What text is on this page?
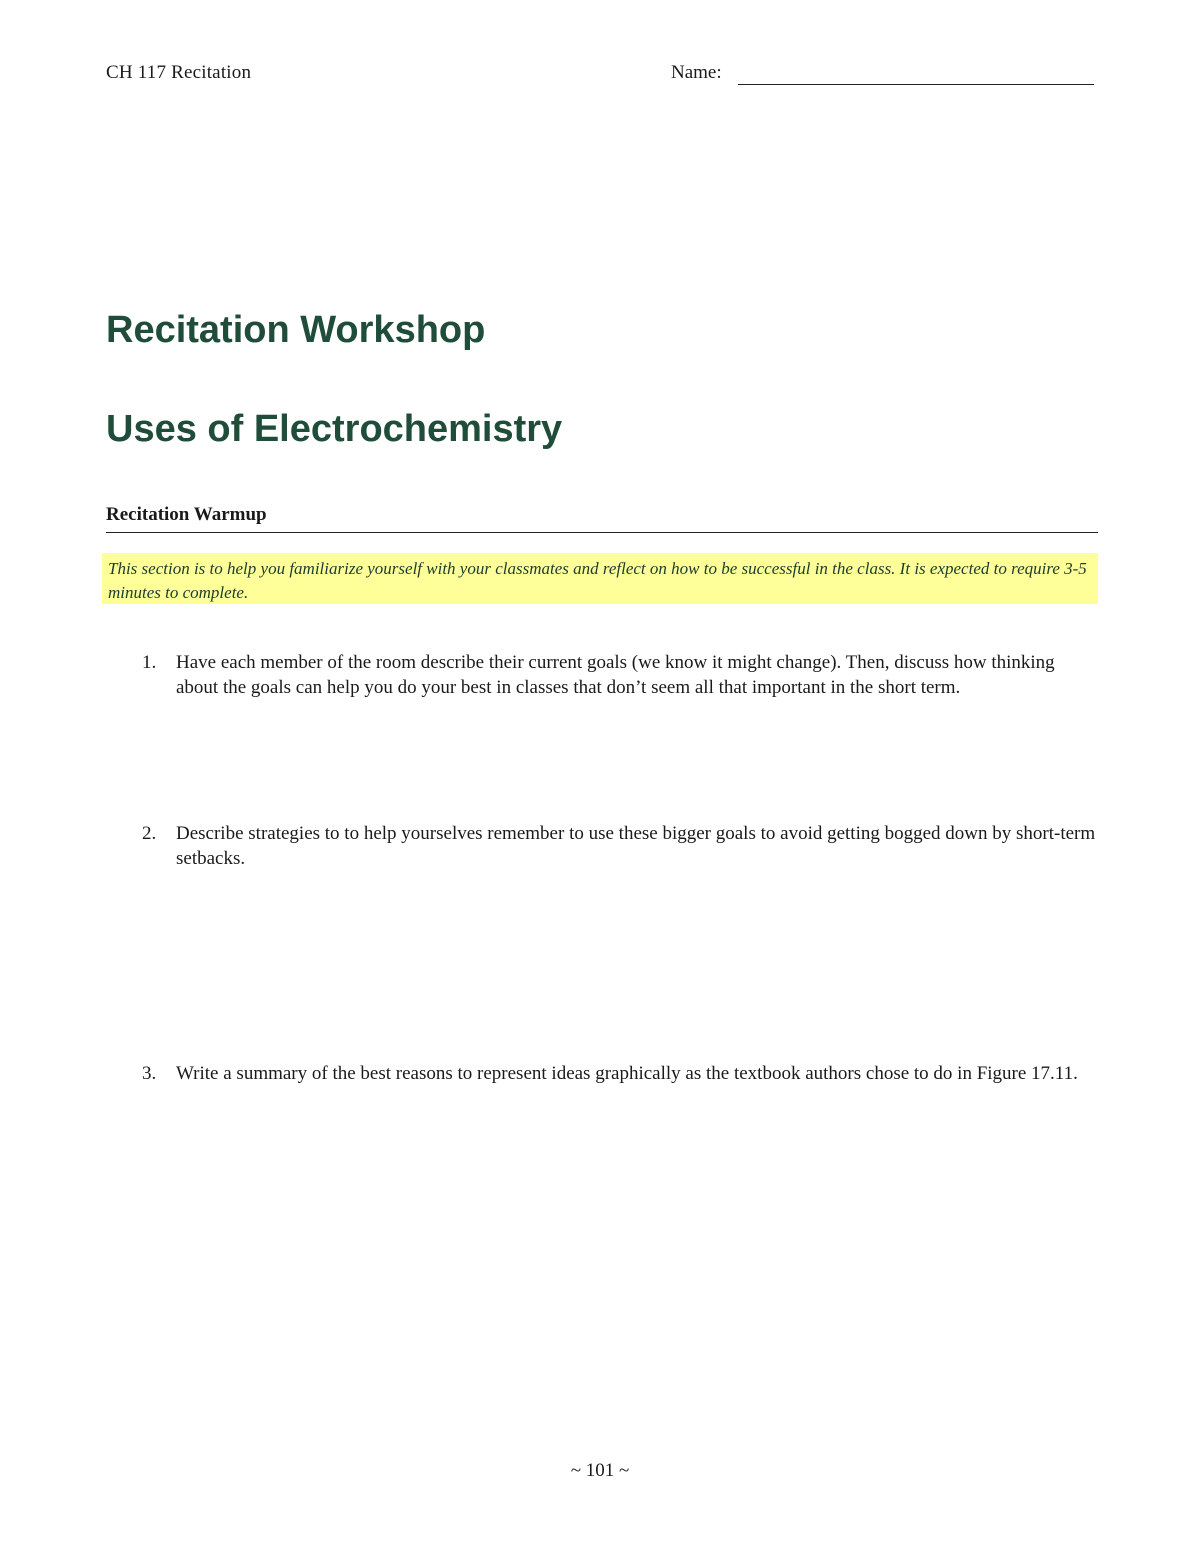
CH 117 Recitation	Name:
Recitation Workshop
Uses of Electrochemistry
Recitation Warmup
This section is to help you familiarize yourself with your classmates and reflect on how to be successful in the class. It is expected to require 3-5 minutes to complete.
1.	Have each member of the room describe their current goals (we know it might change). Then, discuss how thinking about the goals can help you do your best in classes that don’t seem all that important in the short term.
2.	Describe strategies to to help yourselves remember to use these bigger goals to avoid getting bogged down by short-term setbacks.
3.	Write a summary of the best reasons to represent ideas graphically as the textbook authors chose to do in Figure 17.11.
~ 101 ~
